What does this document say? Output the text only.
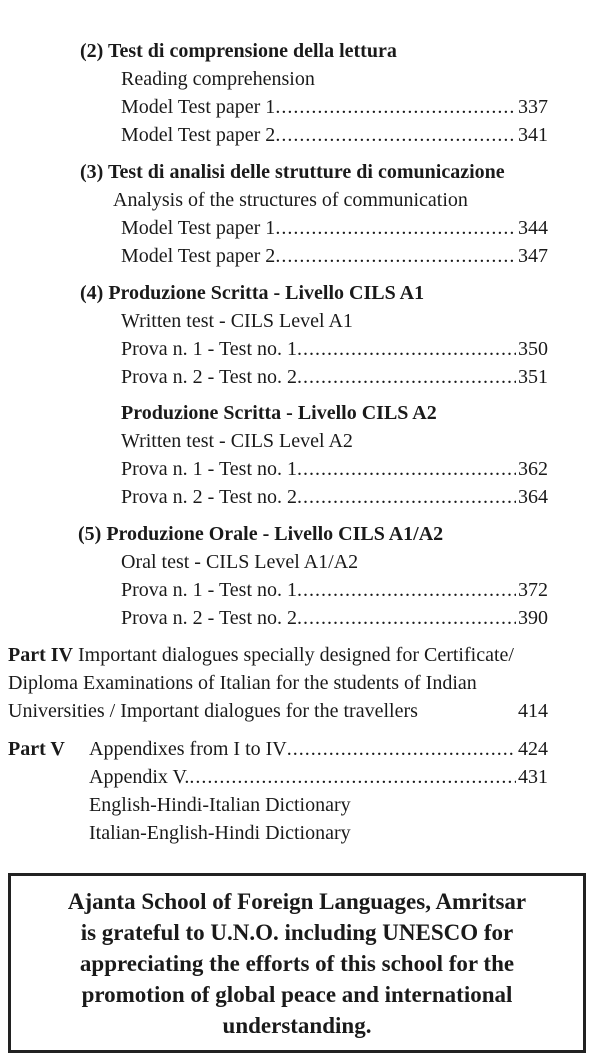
(2) Test di comprensione della lettura
Reading comprehension
Model Test paper 1 .....	337
Model Test paper 2 .....	341
(3) Test di analisi delle strutture di comunicazione
Analysis of the structures of communication
Model Test paper 1 .....	344
Model Test paper 2 .....	347
(4) Produzione Scritta - Livello CILS A1
Written test - CILS Level A1
Prova n. 1 - Test no. 1 .....	350
Prova n. 2 - Test no. 2 .....	351
Produzione Scritta - Livello CILS A2
Written test - CILS Level A2
Prova n. 1 - Test no. 1 .....	362
Prova n. 2 - Test no. 2 .....	364
(5) Produzione Orale - Livello CILS A1/A2
Oral test - CILS Level A1/A2
Prova n. 1 - Test no. 1 .....	372
Prova n. 2 - Test no. 2 .....	390
Part IV Important dialogues specially designed for Certificate/
Diploma Examinations of Italian for the students of Indian
Universities / Important dialogues for the travellers	414
Part V Appendixes from I to IV .....	424
Appendix V. .....	431
English-Hindi-Italian Dictionary
Italian-English-Hindi Dictionary
Ajanta School of Foreign Languages, Amritsar
is grateful to U.N.O. including UNESCO for
appreciating the efforts of this school for the
promotion of global peace and international
understanding.
